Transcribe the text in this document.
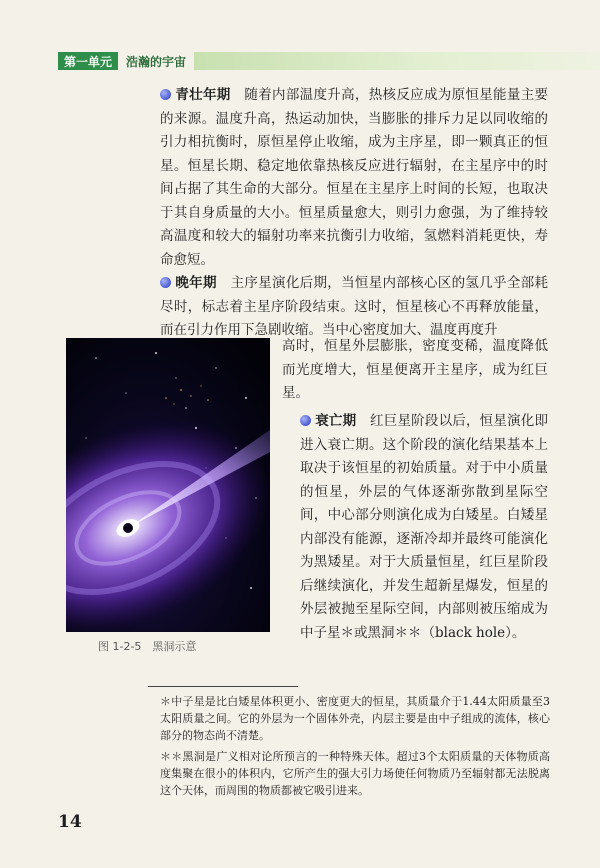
第一单元	浩瀚的宇宙

青壮年期　随着内部温度升高，热核反应成为原恒星能量主要的来源。温度升高，热运动加快，当膨胀的排斥力足以同收缩的引力相抗衡时，原恒星停止收缩，成为主序星，即一颗真正的恒星。恒星长期、稳定地依靠热核反应进行辐射，在主星序中的时间占据了其生命的大部分。恒星在主星序上时间的长短，也取决于其自身质量的大小。恒星质量愈大，则引力愈强，为了维持较高温度和较大的辐射功率来抗衡引力收缩，氢燃料消耗更快，寿命愈短。

晚年期　主序星演化后期，当恒星内部核心区的氢几乎全部耗尽时，标志着主星序阶段结束。这时，恒星核心不再释放能量，而在引力作用下急剧收缩。当中心密度加大、温度再度升

高时，恒星外层膨胀，密度变稀，温度降低而光度增大，恒星便离开主星序，成为红巨星。

衰亡期　红巨星阶段以后，恒星演化即进入衰亡期。这个阶段的演化结果基本上取决于该恒星的初始质量。对于中小质量的恒星，外层的气体逐渐弥散到星际空间，中心部分则演化成为白矮星。白矮星内部没有能源，逐渐冷却并最终可能演化为黑矮星。对于大质量恒星，红巨星阶段后继续演化，并发生超新星爆发，恒星的外层被抛至星际空间，内部则被压缩成为中子星＊或黑洞＊＊（black hole）。

图 1-2-5　黑洞示意

＊中子星是比白矮星体积更小、密度更大的恒星，其质量介于1.44太阳质量至3太阳质量之间。它的外层为一个固体外壳，内层主要是由中子组成的流体，核心部分的物态尚不清楚。

＊＊黑洞是广义相对论所预言的一种特殊天体。超过3个太阳质量的天体物质高度集聚在很小的体积内，它所产生的强大引力场使任何物质乃至辐射都无法脱离这个天体，而周围的物质都被它吸引进来。

14
